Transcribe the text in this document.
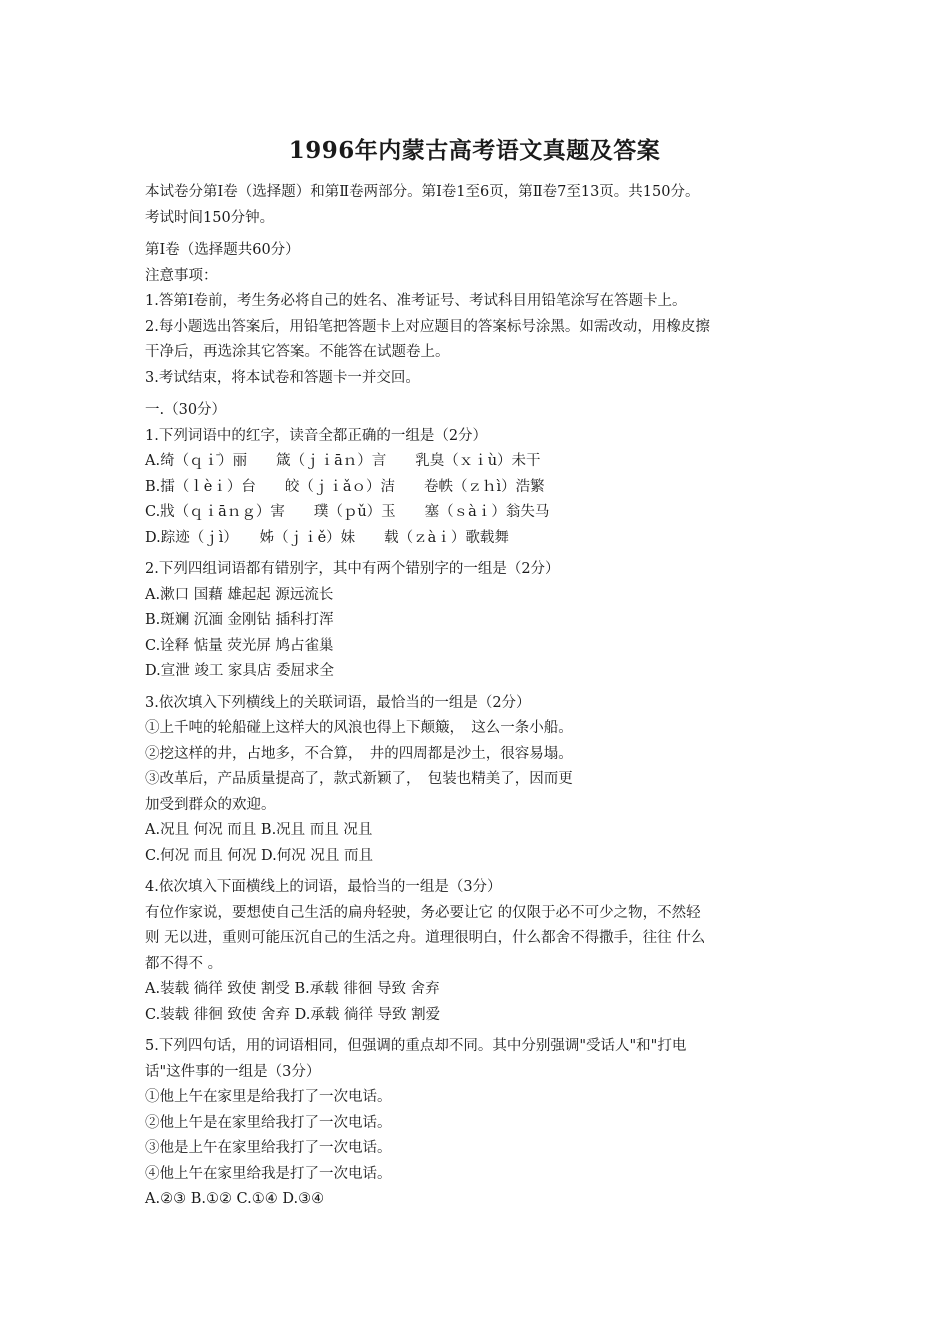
1996年内蒙古高考语文真题及答案
本试卷分第Ⅰ卷（选择题）和第Ⅱ卷两部分。第Ⅰ卷1至6页，第Ⅱ卷7至13页。共150分。
考试时间150分钟。
第Ⅰ卷（选择题共60分）
注意事项：
1.答第Ⅰ卷前，考生务必将自己的姓名、准考证号、考试科目用铅笔涂写在答题卡上。
2.每小题选出答案后，用铅笔把答题卡上对应题目的答案标号涂黑。如需改动，用橡皮擦
干净后，再选涂其它答案。不能答在试题卷上。
3.考试结束，将本试卷和答题卡一并交回。
一.（30分）
1.下列词语中的红字，读音全都正确的一组是（2分）
A.绮（ｑｉ̄）丽　　箴（ｊｉāｎ）言　　乳臭（ｘｉù）未干
B.擂（ｌèｉ）台　　皎（ｊｉǎｏ）洁　　卷帙（ｚｈì）浩繁
C.戕（ｑｉāｎｇ）害　　璞（ｐǔ）玉　　塞（ｓàｉ）翁失马
D.踪迹（ｊì）　　姊（ｊｉě）妹　　载（ｚàｉ）歌载舞
2.下列四组词语都有错别字，其中有两个错别字的一组是（2分）
A.漱口 国藉 雄起起 源远流长
B.斑斓 沉湎 金刚钻 插科打浑
C.诠释 惦量 荧光屏 鸠占雀巢
D.宣泄 竣工 家具店 委屈求全
3.依次填入下列横线上的关联词语，最恰当的一组是（2分）
①上千吨的轮船碰上这样大的风浪也得上下颠簸，　这么一条小船。
②挖这样的井，占地多，不合算，　井的四周都是沙土，很容易塌。
③改革后，产品质量提高了，款式新颖了，　包装也精美了，因而更
加受到群众的欢迎。
A.况且 何况 而且 B.况且 而且 况且
C.何况 而且 何况 D.何况 况且 而且
4.依次填入下面横线上的词语，最恰当的一组是（3分）
有位作家说，要想使自己生活的扁舟轻驶，务必要让它 的仅限于必不可少之物，不然轻
则 无以进，重则可能压沉自己的生活之舟。道理很明白，什么都舍不得撒手，往往 什么
都不得不 。
A.装载 徜徉 致使 割受 B.承载 徘徊 导致 舍弃
C.装载 徘徊 致使 舍弃 D.承载 徜徉 导致 割爱
5.下列四句话，用的词语相同，但强调的重点却不同。其中分别强调"受话人"和"打电
话"这件事的一组是（3分）
①他上午在家里是给我打了一次电话。
②他上午是在家里给我打了一次电话。
③他是上午在家里给我打了一次电话。
④他上午在家里给我是打了一次电话。
A.②③ B.①② C.①④ D.③④
